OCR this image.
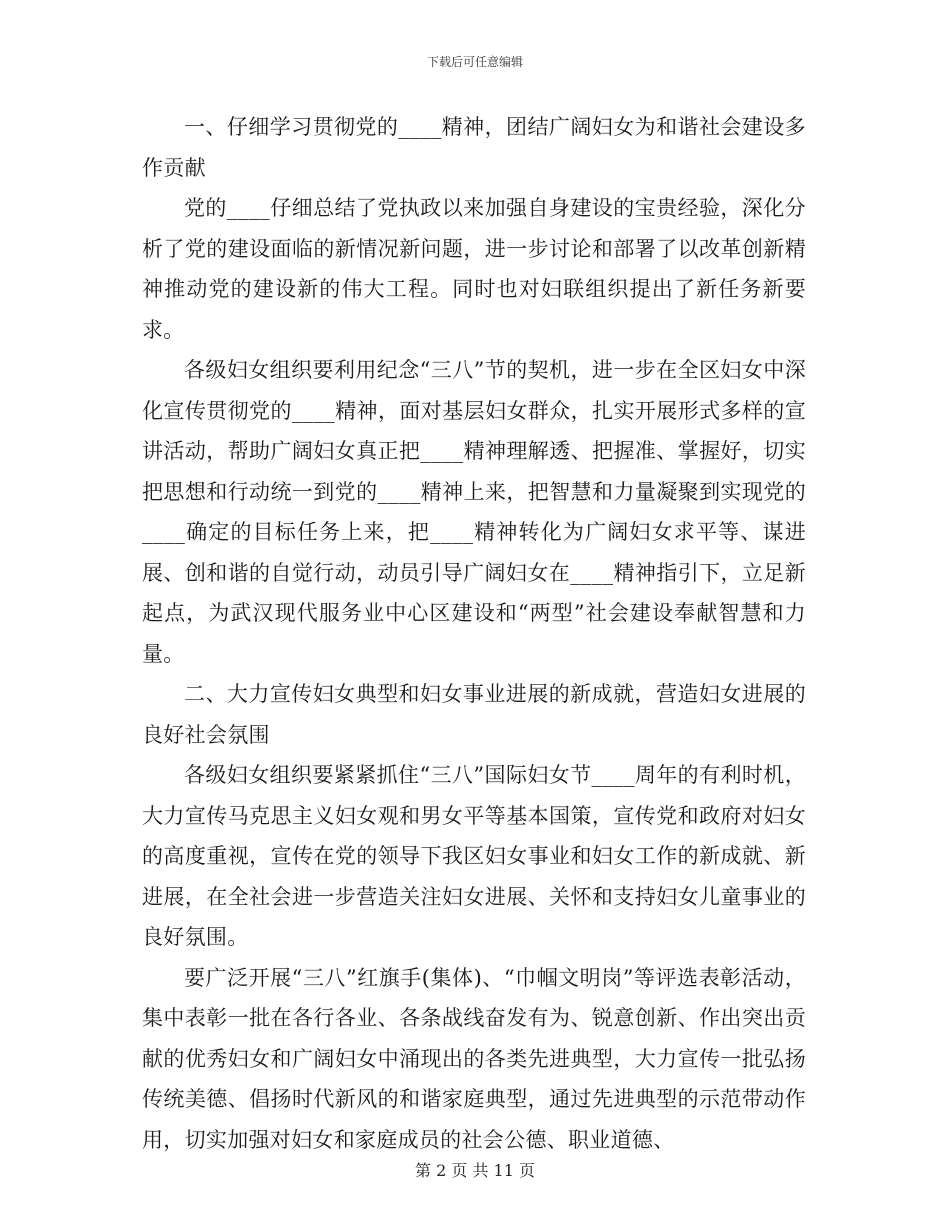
下载后可任意编辑

一、仔细学习贯彻党的____精神，团结广阔妇女为和谐社会建设多作贡献

党的____仔细总结了党执政以来加强自身建设的宝贵经验，深化分析了党的建设面临的新情况新问题，进一步讨论和部署了以改革创新精神推动党的建设新的伟大工程。同时也对妇联组织提出了新任务新要求。

各级妇女组织要利用纪念“三八”节的契机，进一步在全区妇女中深化宣传贯彻党的____精神，面对基层妇女群众，扎实开展形式多样的宣讲活动，帮助广阔妇女真正把____精神理解透、把握准、掌握好，切实把思想和行动统一到党的____精神上来，把智慧和力量凝聚到实现党的____确定的目标任务上来，把____精神转化为广阔妇女求平等、谋进展、创和谐的自觉行动，动员引导广阔妇女在____精神指引下，立足新起点，为武汉现代服务业中心区建设和“两型”社会建设奉献智慧和力量。

二、大力宣传妇女典型和妇女事业进展的新成就，营造妇女进展的良好社会氛围

各级妇女组织要紧紧抓住“三八”国际妇女节____周年的有利时机，大力宣传马克思主义妇女观和男女平等基本国策，宣传党和政府对妇女的高度重视，宣传在党的领导下我区妇女事业和妇女工作的新成就、新进展，在全社会进一步营造关注妇女进展、关怀和支持妇女儿童事业的良好氛围。

要广泛开展“三八”红旗手(集体)、“巾帼文明岗”等评选表彰活动，集中表彰一批在各行各业、各条战线奋发有为、锐意创新、作出突出贡献的优秀妇女和广阔妇女中涌现出的各类先进典型，大力宣传一批弘扬传统美德、倡扬时代新风的和谐家庭典型，通过先进典型的示范带动作用，切实加强对妇女和家庭成员的社会公德、职业道德、

第 2 页 共 11 页
